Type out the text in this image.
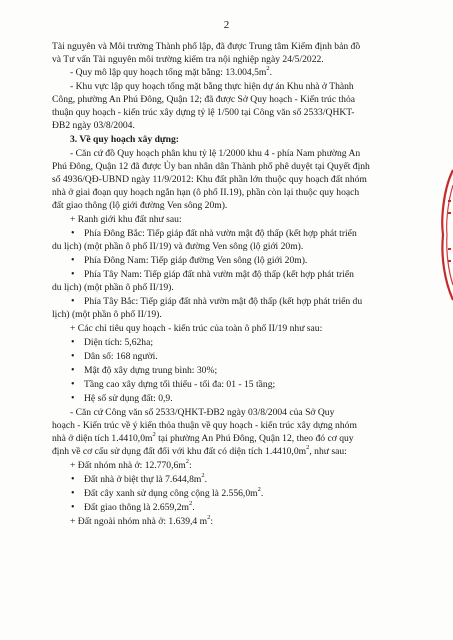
2
Tài nguyên và Môi trường Thành phố lập, đã được Trung tâm Kiểm định bản đồ
và Tư vấn Tài nguyên môi trường kiểm tra nội nghiệp ngày 24/5/2022.
- Quy mô lập quy hoạch tổng mặt bằng: $13.004,5m^2$.
- Khu vực lập quy hoạch tổng mặt bằng thực hiện dự án Khu nhà ở Thành
Công, phường An Phú Đông, Quận 12; đã được Sở Quy hoạch - Kiến trúc thỏa
thuận quy hoạch - kiến trúc xây dựng tỷ lệ 1/500 tại Công văn số 2533/QHKT-
ĐB2 ngày 03/8/2004.
3. Về quy hoạch xây dựng:
- Căn cứ đồ Quy hoạch phân khu tỷ lệ 1/2000 khu 4 - phía Nam phường An
Phú Đông, Quận 12 đã được Ủy ban nhân dân Thành phố phê duyệt tại Quyết định
số 4936/QĐ-UBND ngày 11/9/2012: Khu đất phần lớn thuộc quy hoạch đất nhóm
nhà ở giai đoạn quy hoạch ngắn hạn (ô phố II.19), phần còn lại thuộc quy hoạch
đất giao thông (lộ giới đường Ven sông 20m).
+ Ranh giới khu đất như sau:
• Phía Đông Bắc: Tiếp giáp đất nhà vườn mật độ thấp (kết hợp phát triển
du lịch) (một phần ô phố II/19) và đường Ven sông (lộ giới 20m).
• Phía Đông Nam: Tiếp giáp đường Ven sông (lộ giới 20m).
• Phía Tây Nam: Tiếp giáp đất nhà vườn mật độ thấp (kết hợp phát triển
du lịch) (một phần ô phố II/19).
• Phía Tây Bắc: Tiếp giáp đất nhà vườn mật độ thấp (kết hợp phát triển du
lịch) (một phần ô phố II/19).
+ Các chỉ tiêu quy hoạch - kiến trúc của toàn ô phố II/19 như sau:
• Diện tích: 5,62ha;
• Dân số: 168 người.
• Mật độ xây dựng trung bình: 30%;
• Tầng cao xây dựng tối thiểu - tối đa: 01 - 15 tầng;
• Hệ số sử dụng đất: 0,9.
- Căn cứ Công văn số 2533/QHKT-ĐB2 ngày 03/8/2004 của Sở Quy
hoạch - Kiến trúc về ý kiến thỏa thuận về quy hoạch - kiến trúc xây dựng nhóm
nhà ở diện tích $1.4410,0m^2$ tại phường An Phú Đông, Quận 12, theo đó cơ quy
định về cơ cấu sử dụng đất đối với khu đất có diện tích $1.4410,0m^2$, như sau:
+ Đất nhóm nhà ở: $12.770,6m^2$:
• Đất nhà ở biệt thự là $7.644,8m^2$.
• Đất cây xanh sử dụng công cộng là $2.556,0m^2$.
• Đất giao thông là $2.659,2m^2$.
+ Đất ngoài nhóm nhà ở: 1.639,4 $m^2$:
